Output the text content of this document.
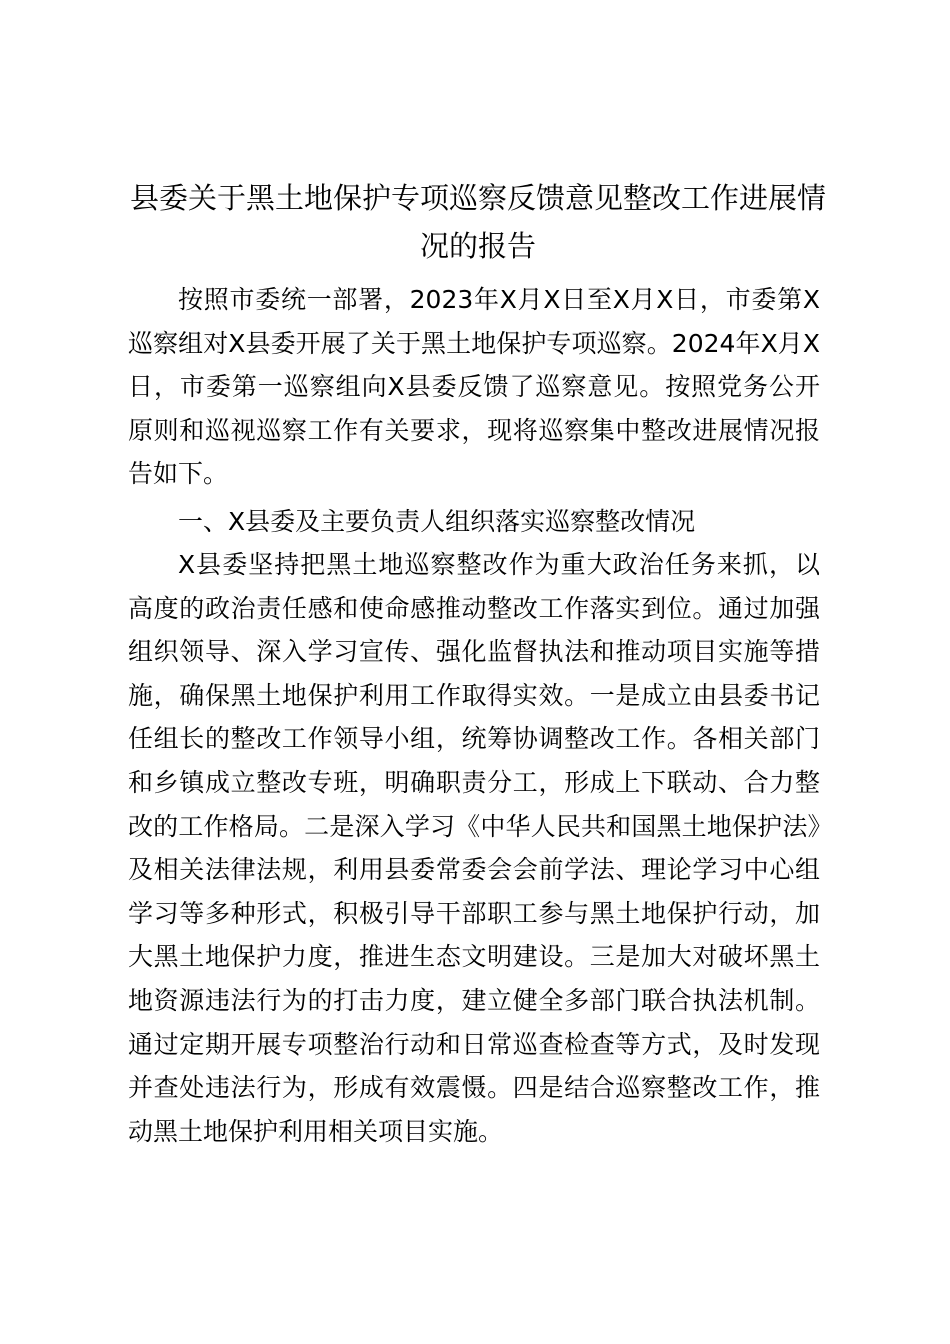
县委关于黑土地保护专项巡察反馈意见整改工作进展情况的报告

按照市委统一部署，2023年X月X日至X月X日，市委第X巡察组对X县委开展了关于黑土地保护专项巡察。2024年X月X日，市委第一巡察组向X县委反馈了巡察意见。按照党务公开原则和巡视巡察工作有关要求，现将巡察集中整改进展情况报告如下。

一、X县委及主要负责人组织落实巡察整改情况

X县委坚持把黑土地巡察整改作为重大政治任务来抓，以高度的政治责任感和使命感推动整改工作落实到位。通过加强组织领导、深入学习宣传、强化监督执法和推动项目实施等措施，确保黑土地保护利用工作取得实效。一是成立由县委书记任组长的整改工作领导小组，统筹协调整改工作。各相关部门和乡镇成立整改专班，明确职责分工，形成上下联动、合力整改的工作格局。二是深入学习《中华人民共和国黑土地保护法》及相关法律法规，利用县委常委会会前学法、理论学习中心组学习等多种形式，积极引导干部职工参与黑土地保护行动，加大黑土地保护力度，推进生态文明建设。三是加大对破坏黑土地资源违法行为的打击力度，建立健全多部门联合执法机制。通过定期开展专项整治行动和日常巡查检查等方式，及时发现并查处违法行为，形成有效震慑。四是结合巡察整改工作，推动黑土地保护利用相关项目实施。
